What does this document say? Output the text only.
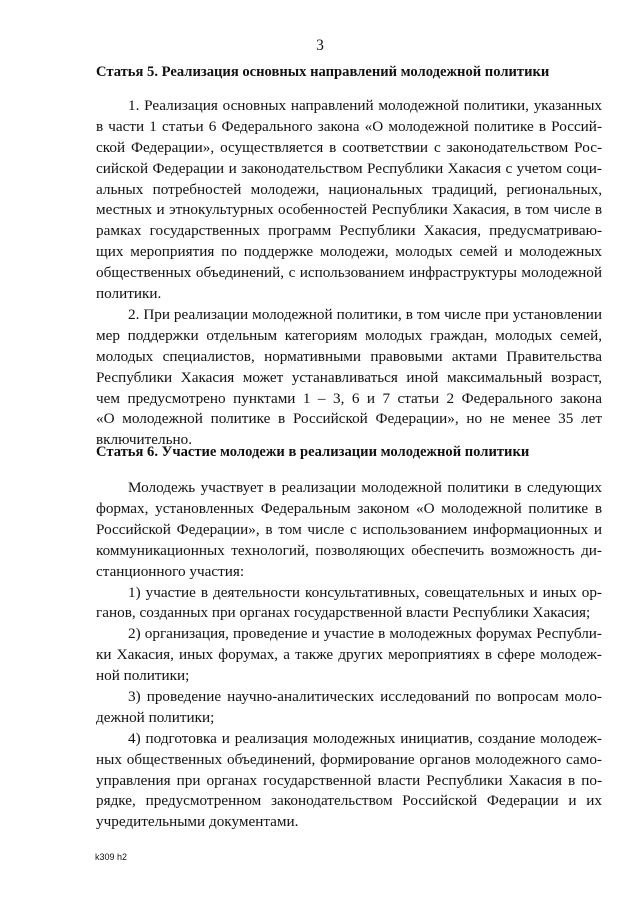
3
Статья 5. Реализация основных направлений молодежной политики
1. Реализация основных направлений молодежной политики, указанных
в части 1 статьи 6 Федерального закона «О молодежной политике в Россий-
ской Федерации», осуществляется в соответствии с законодательством Рос-
сийской Федерации и законодательством Республики Хакасия с учетом соци-
альных потребностей молодежи, национальных традиций, региональных,
местных и этнокультурных особенностей Республики Хакасия, в том числе в
рамках государственных программ Республики Хакасия, предусматриваю-
щих мероприятия по поддержке молодежи, молодых семей и молодежных
общественных объединений, с использованием инфраструктуры молодежной
политики.
2. При реализации молодежной политики, в том числе при установлении
мер поддержки отдельным категориям молодых граждан, молодых семей,
молодых специалистов, нормативными правовыми актами Правительства
Республики Хакасия может устанавливаться иной максимальный возраст,
чем предусмотрено пунктами 1 – 3, 6 и 7 статьи 2 Федерального закона
«О молодежной политике в Российской Федерации», но не менее 35 лет
включительно.
Статья 6. Участие молодежи в реализации молодежной политики
Молодежь участвует в реализации молодежной политики в следующих
формах, установленных Федеральным законом «О молодежной политике в
Российской Федерации», в том числе с использованием информационных и
коммуникационных технологий, позволяющих обеспечить возможность ди-
станционного участия:
1) участие в деятельности консультативных, совещательных и иных ор-
ганов, созданных при органах государственной власти Республики Хакасия;
2) организация, проведение и участие в молодежных форумах Республи-
ки Хакасия, иных форумах, а также других мероприятиях в сфере молодеж-
ной политики;
3) проведение научно-аналитических исследований по вопросам моло-
дежной политики;
4) подготовка и реализация молодежных инициатив, создание молодеж-
ных общественных объединений, формирование органов молодежного само-
управления при органах государственной власти Республики Хакасия в по-
рядке, предусмотренном законодательством Российской Федерации и их
учредительными документами.
k309 h2
